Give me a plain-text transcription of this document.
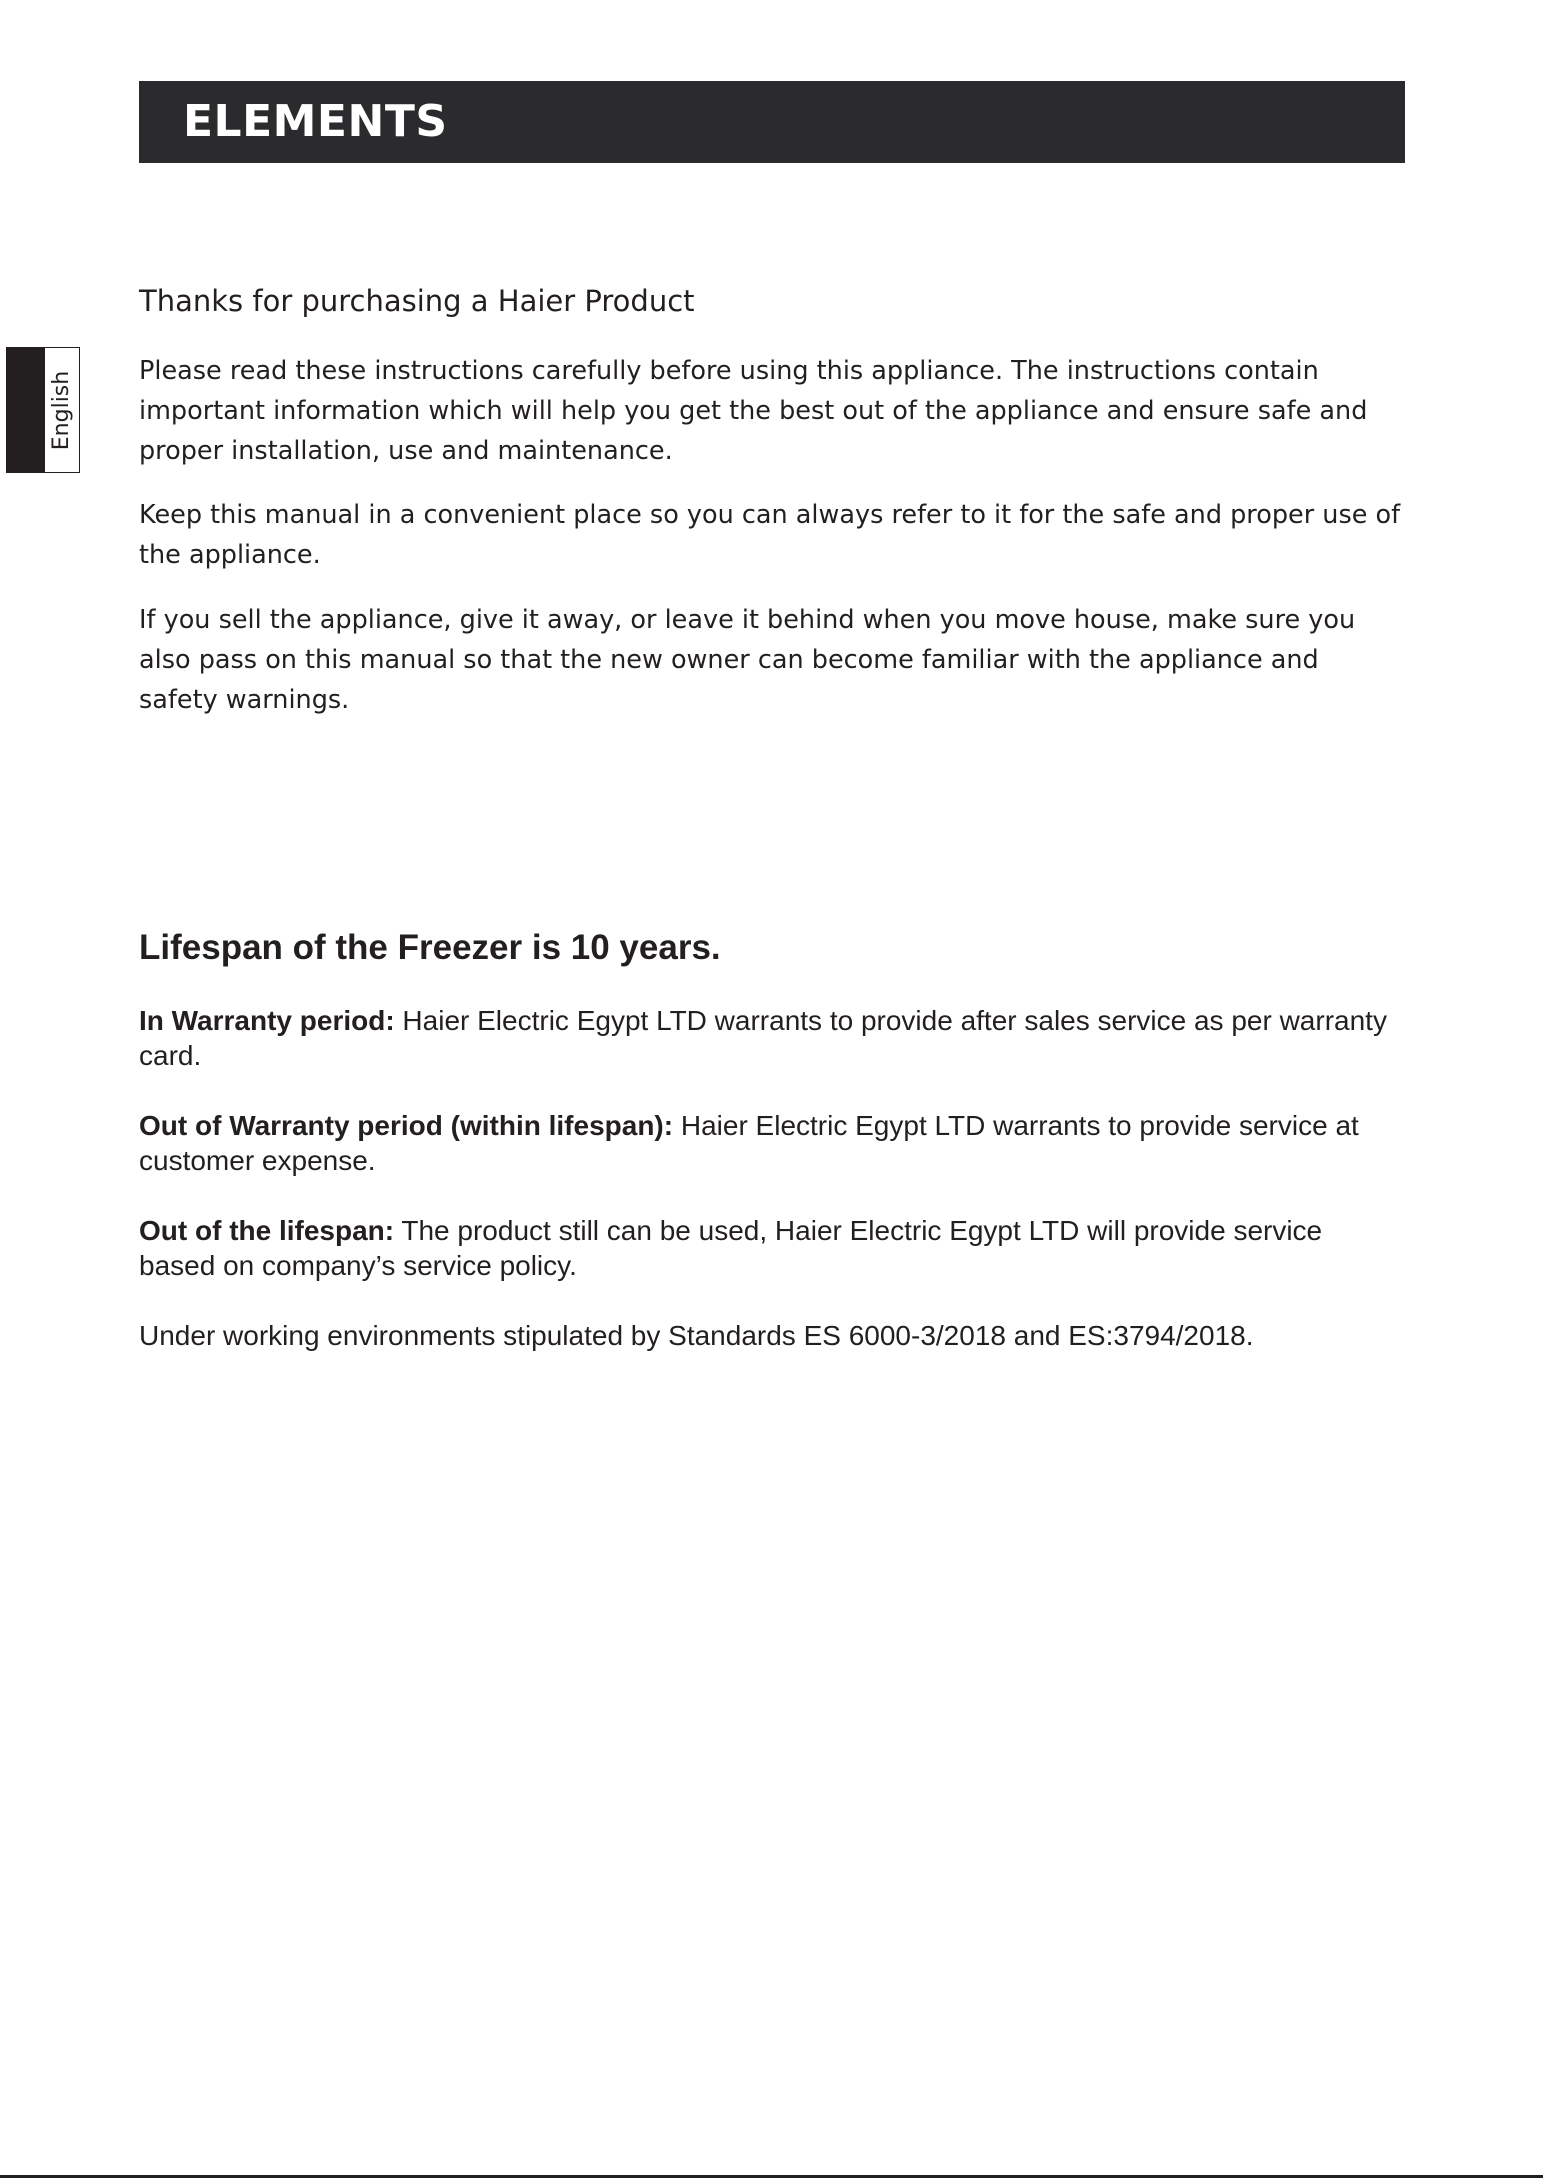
ELEMENTS
English
Thanks for purchasing a Haier Product
Please read these instructions carefully before using this appliance. The instructions contain important information which will help you get the best out of the appliance and ensure safe and proper installation, use and maintenance.
Keep this manual in a convenient place so you can always refer to it for the safe and proper use of the appliance.
If you sell the appliance, give it away, or leave it behind when you move house, make sure you also pass on this manual so that the new owner can become familiar with the appliance and safety warnings.
Lifespan of the Freezer is 10 years.
In Warranty period: Haier Electric Egypt LTD warrants to provide after sales service as per warranty card.
Out of Warranty period (within lifespan): Haier Electric Egypt LTD warrants to provide service at customer expense.
Out of the lifespan: The product still can be used, Haier Electric Egypt LTD will provide service based on company’s service policy.
Under working environments stipulated by Standards ES 6000-3/2018 and ES:3794/2018.
